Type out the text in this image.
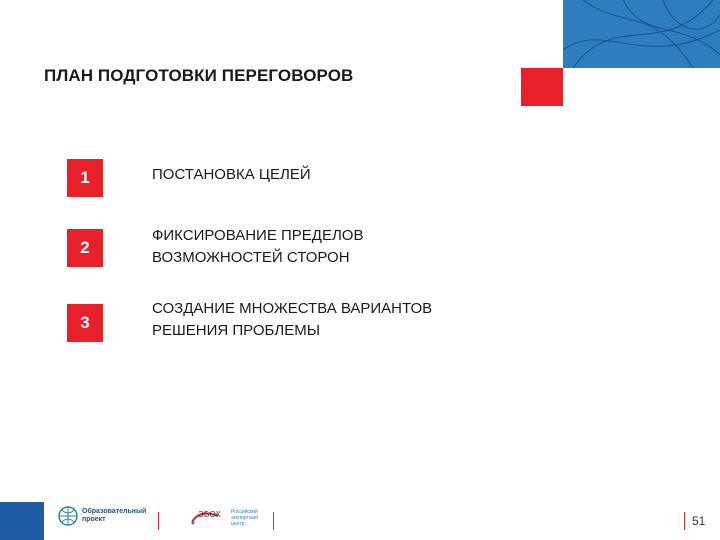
ПЛАН ПОДГОТОВКИ ПЕРЕГОВОРОВ
1	ПОСТАНОВКА ЦЕЛЕЙ
2
ФИКСИРОВАНИЕ ПРЕДЕЛОВ
ВОЗМОЖНОСТЕЙ СТОРОН
3
СОЗДАНИЕ МНОЖЕСТВА ВАРИАНТОВ
РЕШЕНИЯ ПРОБЛЕМЫ
Образовательный
проект
ЭБОК Российский
экспортный
центр	51
